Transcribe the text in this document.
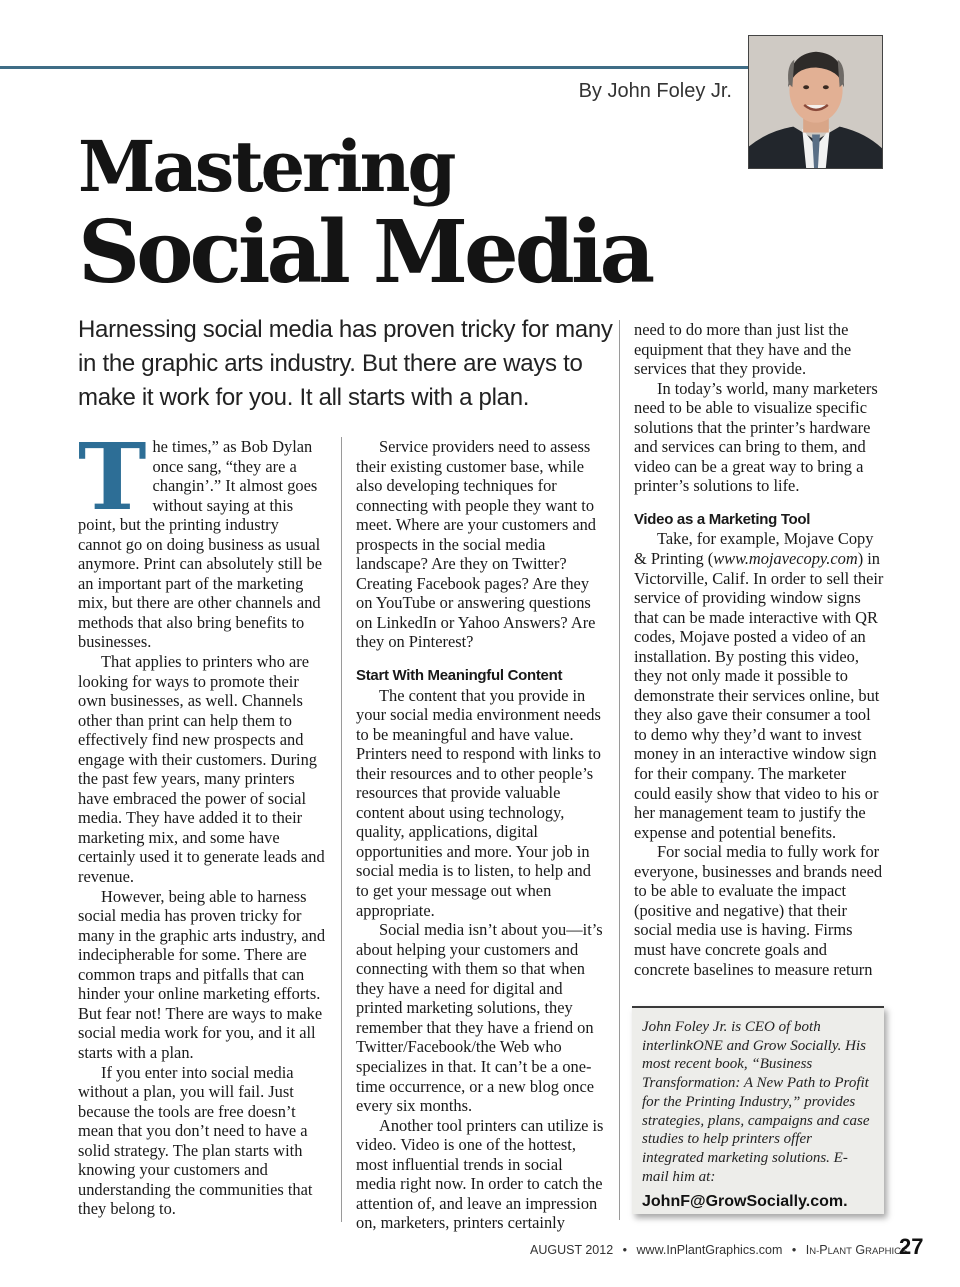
By John Foley Jr.
Mastering
Social Media
Harnessing social media has proven tricky for many in the graphic arts industry. But there are ways to make it work for you. It all starts with a plan.

The times,” as Bob Dylan once sang, “they are a changin’.” It almost goes without saying at this point, but the printing industry cannot go on doing business as usual anymore. Print can absolutely still be an important part of the marketing mix, but there are other channels and methods that also bring benefits to businesses.

That applies to printers who are looking for ways to promote their own businesses, as well. Channels other than print can help them to effectively find new prospects and engage with their customers. During the past few years, many printers have embraced the power of social media. They have added it to their marketing mix, and some have certainly used it to generate leads and revenue.

However, being able to harness social media has proven tricky for many in the graphic arts industry, and indecipherable for some. There are common traps and pitfalls that can hinder your online marketing efforts. But fear not! There are ways to make social media work for you, and it all starts with a plan.

If you enter into social media without a plan, you will fail. Just because the tools are free doesn’t mean that you don’t need to have a solid strategy. The plan starts with knowing your customers and understanding the communities that they belong to.

Service providers need to assess their existing customer base, while also developing techniques for connecting with people they want to meet. Where are your customers and prospects in the social media landscape? Are they on Twitter? Creating Facebook pages? Are they on YouTube or answering questions on LinkedIn or Yahoo Answers? Are they on Pinterest?

Start With Meaningful Content

The content that you provide in your social media environment needs to be meaningful and have value. Printers need to respond with links to their resources and to other people’s resources that provide valuable content about using technology, quality, applications, digital opportunities and more. Your job in social media is to listen, to help and to get your message out when appropriate.

Social media isn’t about you—it’s about helping your customers and connecting with them so that when they have a need for digital and printed marketing solutions, they remember that they have a friend on Twitter/Facebook/the Web who specializes in that. It can’t be a one-time occurrence, or a new blog once every six months.

Another tool printers can utilize is video. Video is one of the hottest, most influential trends in social media right now. In order to catch the attention of, and leave an impression on, marketers, printers certainly

need to do more than just list the equipment that they have and the services that they provide.

In today’s world, many marketers need to be able to visualize specific solutions that the printer’s hardware and services can bring to them, and video can be a great way to bring a printer’s solutions to life.

Video as a Marketing Tool

Take, for example, Mojave Copy & Printing (www.mojavecopy.com) in Victorville, Calif. In order to sell their service of providing window signs that can be made interactive with QR codes, Mojave posted a video of an installation. By posting this video, they not only made it possible to demonstrate their services online, but they also gave their consumer a tool to demo why they’d want to invest money in an interactive window sign for their company. The marketer could easily show that video to his or her management team to justify the expense and potential benefits.

For social media to fully work for everyone, businesses and brands need to be able to evaluate the impact (positive and negative) that their social media use is having. Firms must have concrete goals and concrete baselines to measure return

John Foley Jr. is CEO of both interlinkONE and Grow Socially. His most recent book, “Business Transformation: A New Path to Profit for the Printing Industry,” provides strategies, plans, campaigns and case studies to help printers offer integrated marketing solutions. E-mail him at:
JohnF@GrowSocially.com.
AUGUST 2012 • www.InPlantGraphics.com • IN-PLANT GRAPHICS
27
